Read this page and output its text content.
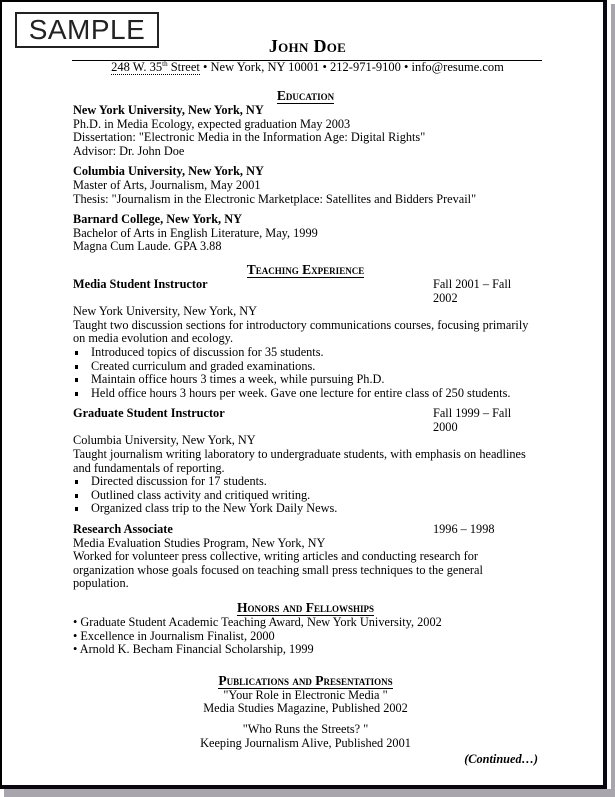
SAMPLE
John Doe
248 W. 35th Street • New York, NY 10001 • 212-971-9100 • info@resume.com
Education
New York University, New York, NY
Ph.D. in Media Ecology, expected graduation May 2003
Dissertation: "Electronic Media in the Information Age: Digital Rights"
Advisor: Dr. John Doe
Columbia University, New York, NY
Master of Arts, Journalism, May 2001
Thesis: "Journalism in the Electronic Marketplace: Satellites and Bidders Prevail"
Barnard College, New York, NY
Bachelor of Arts in English Literature, May, 1999
Magna Cum Laude. GPA 3.88
Teaching Experience
Media Student Instructor	Fall 2001 – Fall 2002
New York University, New York, NY
Taught two discussion sections for introductory communications courses, focusing primarily on media evolution and ecology.
Introduced topics of discussion for 35 students.
Created curriculum and graded examinations.
Maintain office hours 3 times a week, while pursuing Ph.D.
Held office hours 3 hours per week. Gave one lecture for entire class of 250 students.
Graduate Student Instructor	Fall 1999 – Fall 2000
Columbia University, New York, NY
Taught journalism writing laboratory to undergraduate students, with emphasis on headlines and fundamentals of reporting.
Directed discussion for 17 students.
Outlined class activity and critiqued writing.
Organized class trip to the New York Daily News.
Research Associate	1996 – 1998
Media Evaluation Studies Program, New York, NY
Worked for volunteer press collective, writing articles and conducting research for organization whose goals focused on teaching small press techniques to the general population.
Honors and Fellowships
• Graduate Student Academic Teaching Award, New York University, 2002
• Excellence in Journalism Finalist, 2000
• Arnold K. Becham Financial Scholarship, 1999
Publications and Presentations
"Your Role in Electronic Media "
Media Studies Magazine, Published 2002
"Who Runs the Streets? "
Keeping Journalism Alive, Published 2001
(Continued…)
